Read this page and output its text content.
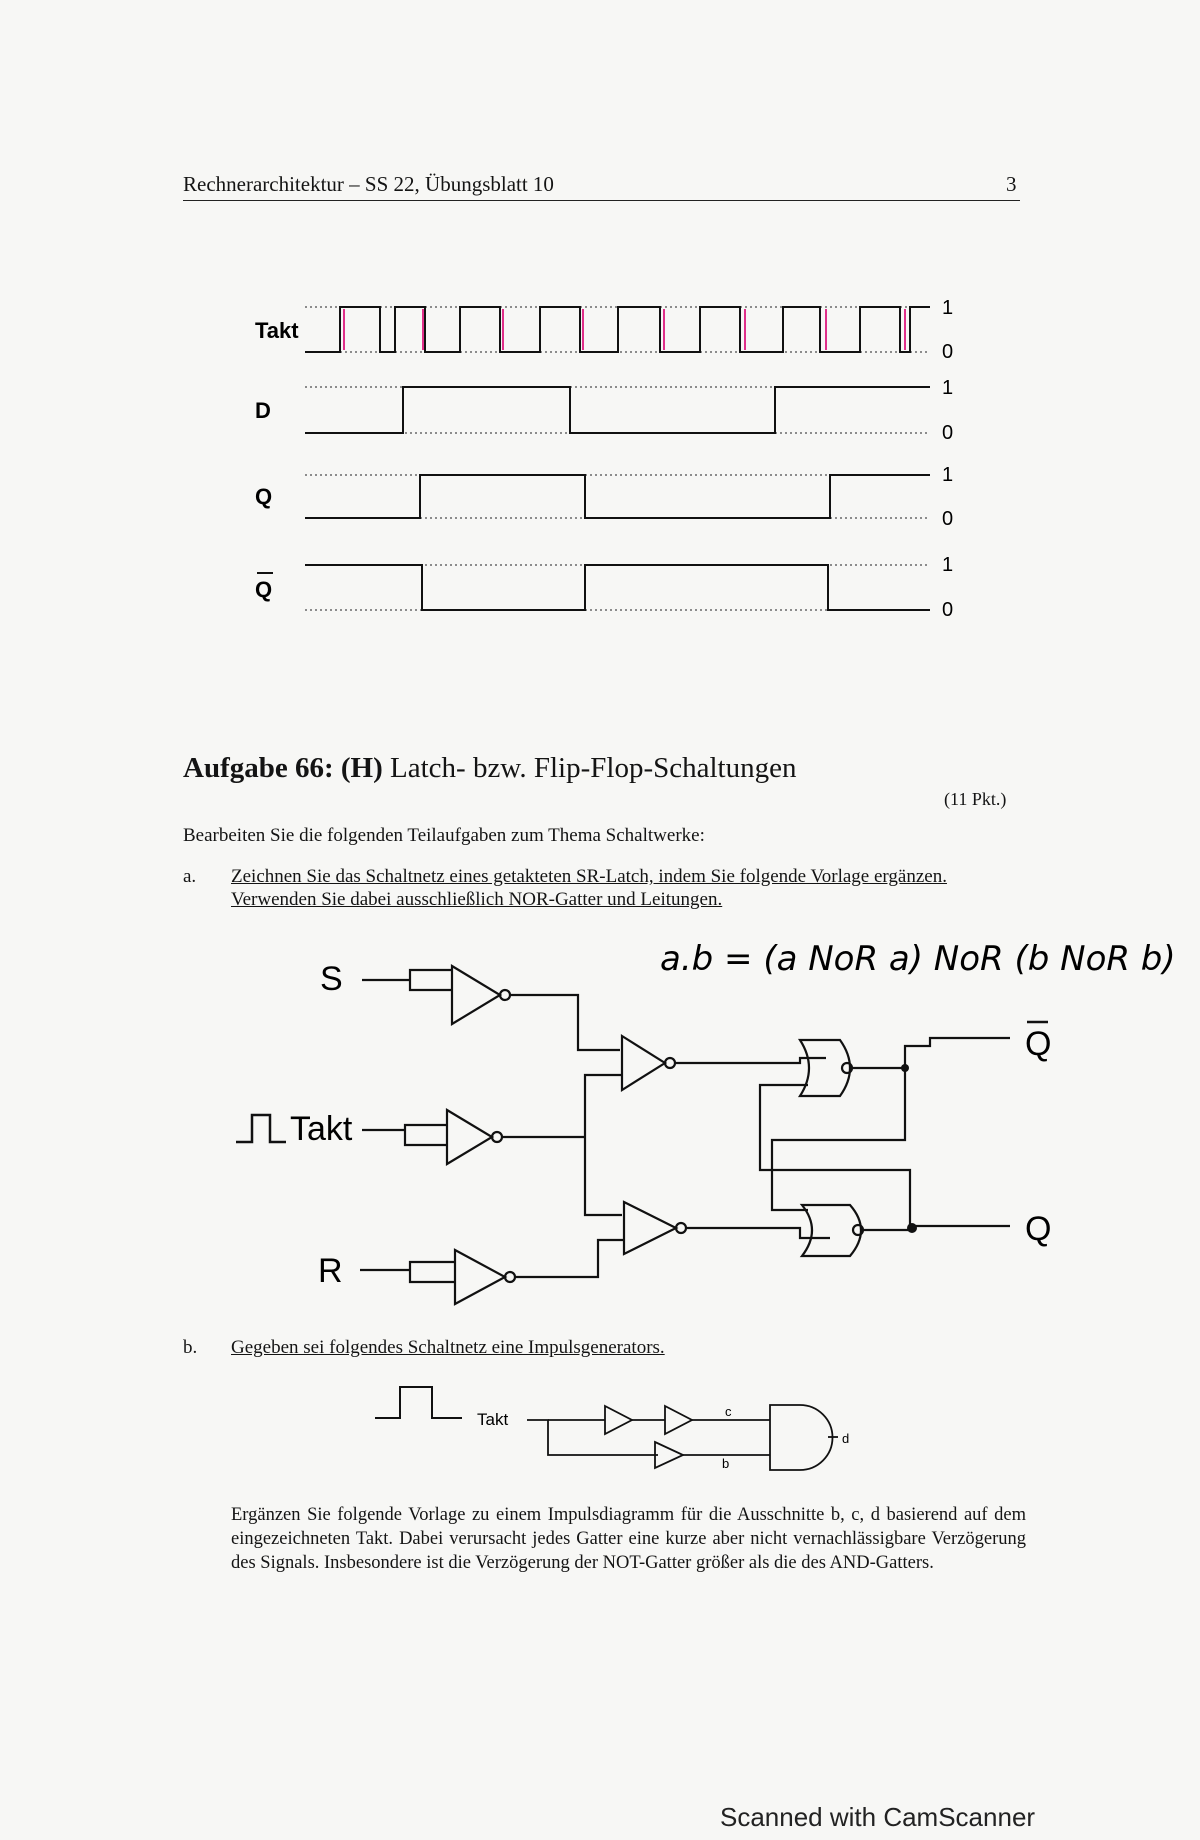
Rechnerarchitektur – SS 22, Übungsblatt 10	3
Takt
D
Q
Q
1
0
1
0
1
0
1
0
Aufgabe 66: (H) Latch- bzw. Flip-Flop-Schaltungen
(11 Pkt.)
Bearbeiten Sie die folgenden Teilaufgaben zum Thema Schaltwerke:
a. Zeichnen Sie das Schaltnetz eines getakteten SR-Latch, indem Sie folgende Vorlage ergänzen.
Verwenden Sie dabei ausschließlich NOR-Gatter und Leitungen.
a.b = (a NoR a) NoR (b NoR b)
S
Takt
R
Q
Q
b. Gegeben sei folgendes Schaltnetz eine Impulsgenerators.
Takt	c
b
d
Ergänzen Sie folgende Vorlage zu einem Impulsdiagramm für die Ausschnitte b, c, d basierend auf dem eingezeichneten Takt. Dabei verursacht jedes Gatter eine kurze aber nicht vernachlässigbare Verzögerung des Signals. Insbesondere ist die Verzögerung der NOT-Gatter größer als die des AND-Gatters.
Scanned with CamScanner
